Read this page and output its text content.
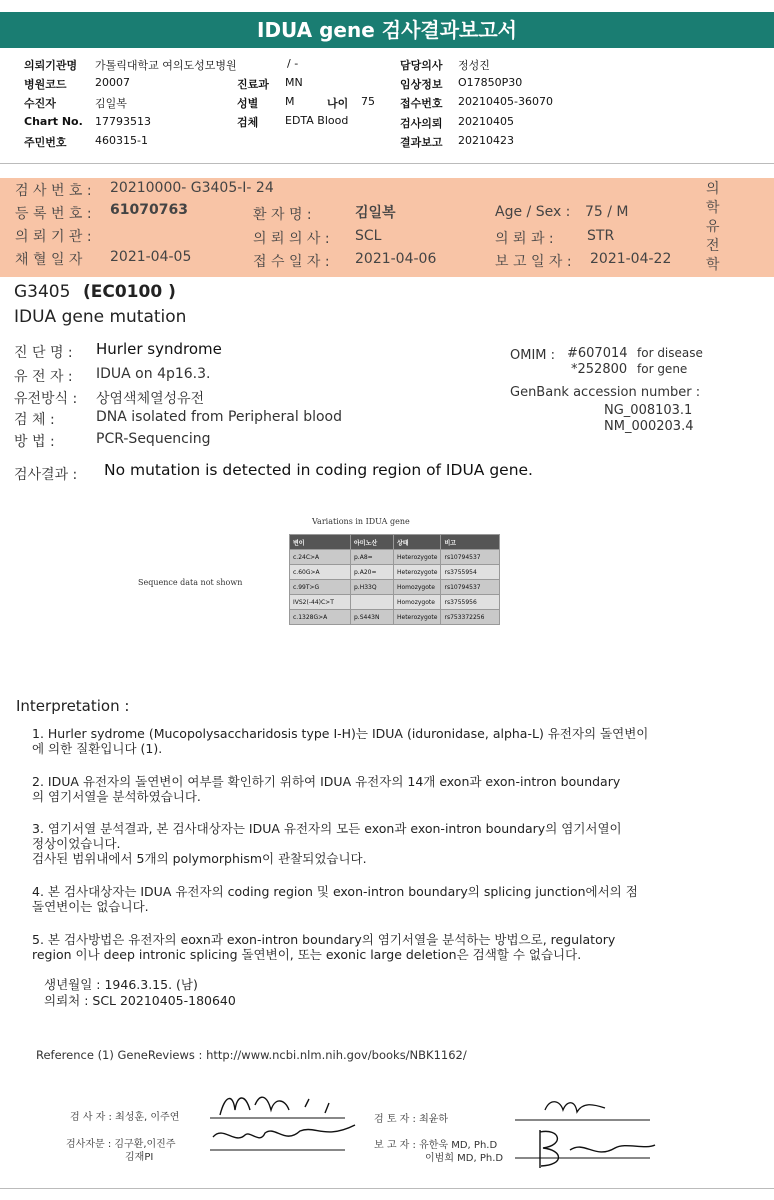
IDUA gene 검사결과보고서
의뢰기관명 가톨릭대학교 여의도성모병원	/ -
병원코드	20007	진료과 MN
수진자	김일복	성별 M	나이 75
Chart No. 17793513	검체 EDTA Blood
주민번호	460315-1
담당의사 정성진
임상정보 O17850P30
접수번호 20210405-36070
검사의뢰 20210405
결과보고 20210423
검 사 번 호 : 20210000- G3405-I- 24
등 록 번 호 : 61070763	환 자 명 :	김일복	Age / Sex : 75 / M
의 뢰 기 관 :	의 뢰 의 사 : SCL	의 뢰 과 : STR
채 혈 일 자 2021-04-05	접 수 일 자 : 2021-04-06	보 고 일 자 : 2021-04-22
의
학
유
전
학
G3405 (EC0100 )
IDUA gene mutation
진 단 명 : Hurler syndrome
유 전 자 : IDUA on 4p16.3.
유전방식 : 상염색체열성유전
검 체 :	DNA isolated from Peripheral blood
방 법 :	PCR-Sequencing
OMIM : #607014 for disease
*252800 for gene
GenBank accession number :
NG_008103.1
NM_000203.4
검사결과 : No mutation is detected in coding region of IDUA gene.
Variations in IDUA gene
Sequence data not shown
변이	아미노산	상태	비고
c.24C>A	p.A8=	Heterozygote	rs10794537
c.60G>A	p.A20=	Heterozygote	rs3755954
c.99T>G	p.H33Q	Homozygote	rs10794537
IVS2(-44)C>T		Homozygote	rs3755956
c.1328G>A	p.S443N	Heterozygote	rs753372256
Interpretation :
1. Hurler sydrome (Mucopolysaccharidosis type I-H)는 IDUA (iduronidase, alpha-L) 유전자의 돌연변이
에 의한 질환입니다 (1).
2. IDUA 유전자의 돌연변이 여부를 확인하기 위하여 IDUA 유전자의 14개 exon과 exon-intron boundary
의 염기서열을 분석하였습니다.
3. 염기서열 분석결과, 본 검사대상자는 IDUA 유전자의 모든 exon과 exon-intron boundary의 염기서열이
정상이었습니다.
검사된 범위내에서 5개의 polymorphism이 관찰되었습니다.
4. 본 검사대상자는 IDUA 유전자의 coding region 및 exon-intron boundary의 splicing junction에서의 점
돌연변이는 없습니다.
5. 본 검사방법은 유전자의 eoxn과 exon-intron boundary의 염기서열을 분석하는 방법으로, regulatory
region 이나 deep intronic splicing 돌연변이, 또는 exonic large deletion은 검색할 수 없습니다.
생년월일 : 1946.3.15. (남)
의뢰처 : SCL 20210405-180640
Reference (1) GeneReviews : http://www.ncbi.nlm.nih.gov/books/NBK1162/
검 사 자 : 최성훈, 이주연
검사자문 : 김구환,이진주
김재PI
검 토 자 : 최윤하
보 고 자 : 유한욱 MD, Ph.D
이범희 MD, Ph.D
